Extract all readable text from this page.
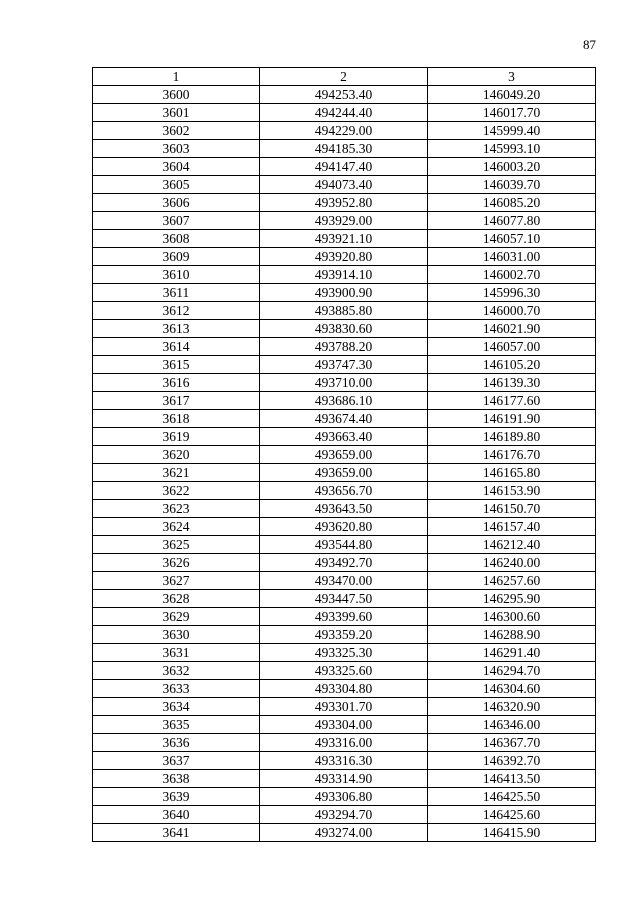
87
1	2	3
3600	494253.40	146049.20
3601	494244.40	146017.70
3602	494229.00	145999.40
3603	494185.30	145993.10
3604	494147.40	146003.20
3605	494073.40	146039.70
3606	493952.80	146085.20
3607	493929.00	146077.80
3608	493921.10	146057.10
3609	493920.80	146031.00
3610	493914.10	146002.70
3611	493900.90	145996.30
3612	493885.80	146000.70
3613	493830.60	146021.90
3614	493788.20	146057.00
3615	493747.30	146105.20
3616	493710.00	146139.30
3617	493686.10	146177.60
3618	493674.40	146191.90
3619	493663.40	146189.80
3620	493659.00	146176.70
3621	493659.00	146165.80
3622	493656.70	146153.90
3623	493643.50	146150.70
3624	493620.80	146157.40
3625	493544.80	146212.40
3626	493492.70	146240.00
3627	493470.00	146257.60
3628	493447.50	146295.90
3629	493399.60	146300.60
3630	493359.20	146288.90
3631	493325.30	146291.40
3632	493325.60	146294.70
3633	493304.80	146304.60
3634	493301.70	146320.90
3635	493304.00	146346.00
3636	493316.00	146367.70
3637	493316.30	146392.70
3638	493314.90	146413.50
3639	493306.80	146425.50
3640	493294.70	146425.60
3641	493274.00	146415.90
